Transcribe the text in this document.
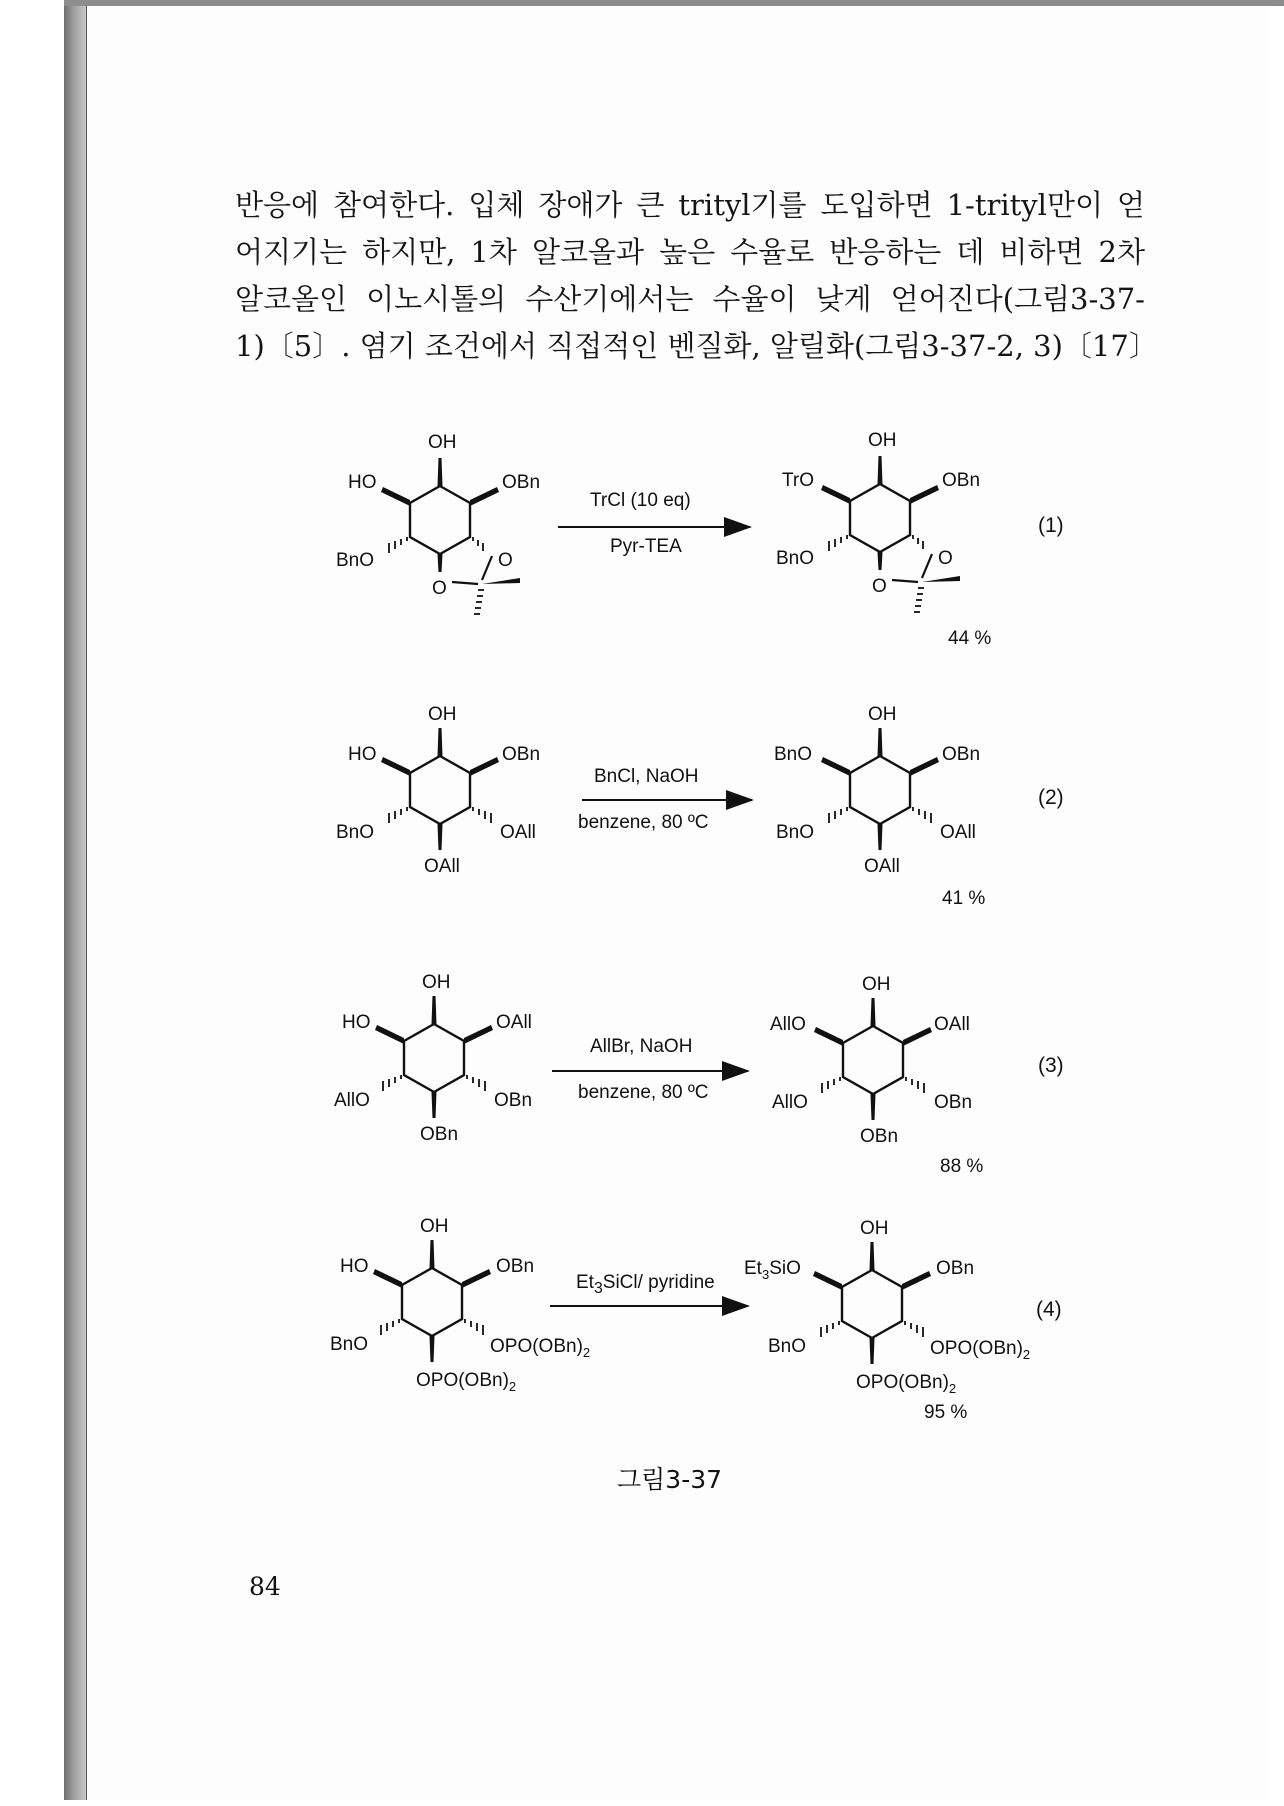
반응에 참여한다. 입체 장애가 큰 trityl기를 도입하면 1-trityl만이 얻
어지기는 하지만, 1차 알코올과 높은 수율로 반응하는 데 비하면 2차
알코올인 이노시톨의 수산기에서는 수율이 낮게 얻어진다(그림3-37-
1)〔5〕. 염기 조건에서 직접적인 벤질화, 알릴화(그림3-37-2, 3)〔17〕
OH
HO	OBn
BnO	O
O
TrCl (10 eq)
Pyr-TEA
OH
TrO	OBn
BnO	O
O
44 %
(1)
OH
HO	OBn
BnO	OAll
OAll
BnCl, NaOH
benzene, 80 ºC
OH
BnO	OBn
BnO	OAll
OAll
41 %
(2)
OH
HO	OAll
AllO	OBn
OBn
AllBr, NaOH
benzene, 80 ºC
OH
AllO	OAll
AllO	OBn
OBn
88 %
(3)
OH
HO	OBn
BnO	$OPO(OBn)_2$
$OPO(OBn)_2$
$Et_3SiCl/$ pyridine
OH
$Et_3SiO$	OBn
BnO	$OPO(OBn)_2$
$OPO(OBn)_2$
95 %
(4)
그림3-37
84
